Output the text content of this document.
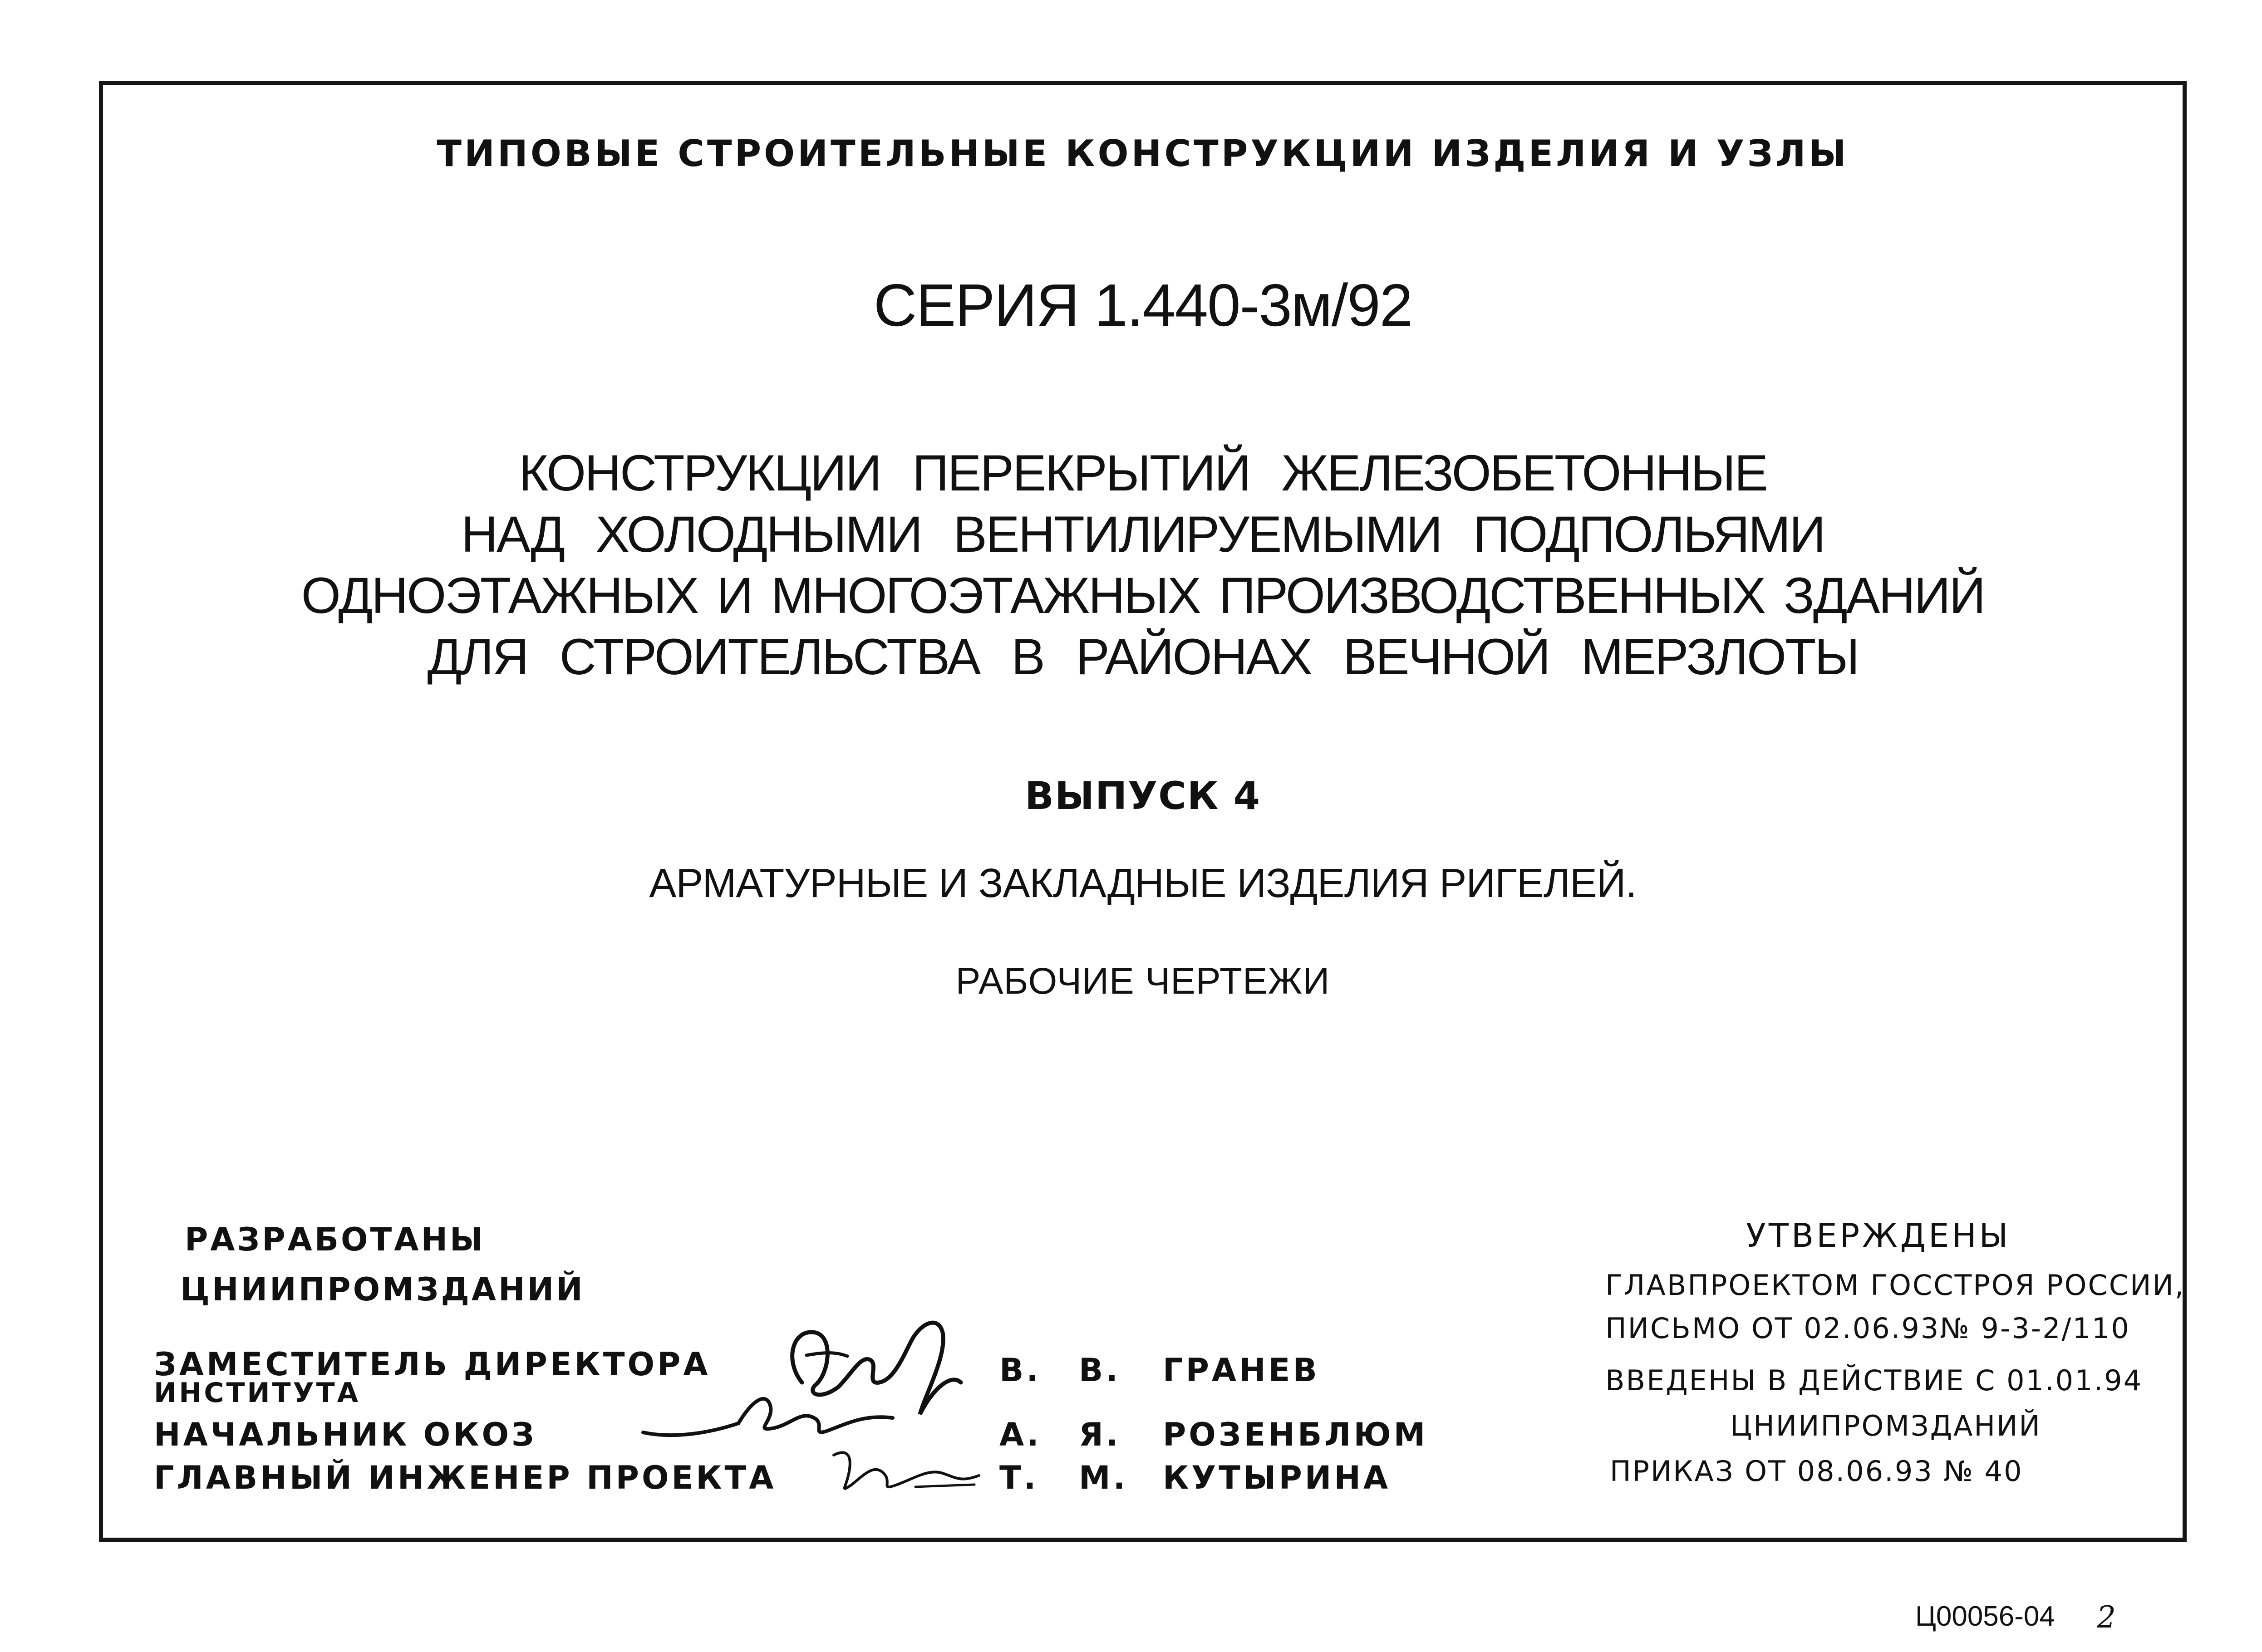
ТИПОВЫЕ СТРОИТЕЛЬНЫЕ КОНСТРУКЦИИ ИЗДЕЛИЯ И УЗЛЫ

СЕРИЯ 1.440-3м/92

КОНСТРУКЦИИ ПЕРЕКРЫТИЙ ЖЕЛЕЗОБЕТОННЫЕ

НАД ХОЛОДНЫМИ ВЕНТИЛИРУЕМЫМИ ПОДПОЛЬЯМИ

ОДНОЭТАЖНЫХ И МНОГОЭТАЖНЫХ ПРОИЗВОДСТВЕННЫХ ЗДАНИЙ

ДЛЯ СТРОИТЕЛЬСТВА В РАЙОНАХ ВЕЧНОЙ МЕРЗЛОТЫ

ВЫПУСК 4

АРМАТУРНЫЕ И ЗАКЛАДНЫЕ ИЗДЕЛИЯ РИГЕЛЕЙ.

РАБОЧИЕ ЧЕРТЕЖИ

РАЗРАБОТАНЫ

ЦНИИПРОМЗДАНИЙ

ЗАМЕСТИТЕЛЬ ДИРЕКТОРА

ИНСТИТУТА

В. В. ГРАНЕВ

НАЧАЛЬНИК ОКОЗ	А. Я. РОЗЕНБЛЮМ

ГЛАВНЫЙ ИНЖЕНЕР ПРОЕКТА	Т. М. КУТЫРИНА

УТВЕРЖДЕНЫ

ГЛАВПРОЕКТОМ ГОССТРОЯ РОССИИ,

ПИСЬМО ОТ 02.06.93№ 9-3-2/110

ВВЕДЕНЫ В ДЕЙСТВИЕ С 01.01.94

ЦНИИПРОМЗДАНИЙ

ПРИКАЗ ОТ 08.06.93 № 40

Ц00056-04 2
